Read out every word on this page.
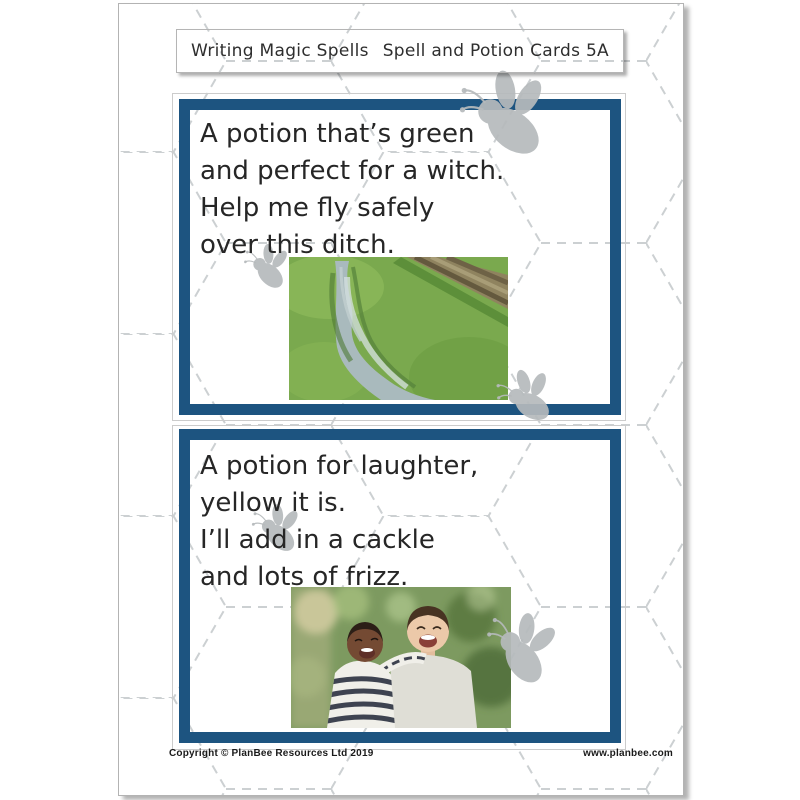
Writing Magic Spells Spell and Potion Cards 5A
A potion that’s green
and perfect for a witch.
Help me fly safely
over this ditch.
A potion for laughter,
yellow it is.
I’ll add in a cackle
and lots of frizz.
Copyright © PlanBee Resources Ltd 2019	www.planbee.com
